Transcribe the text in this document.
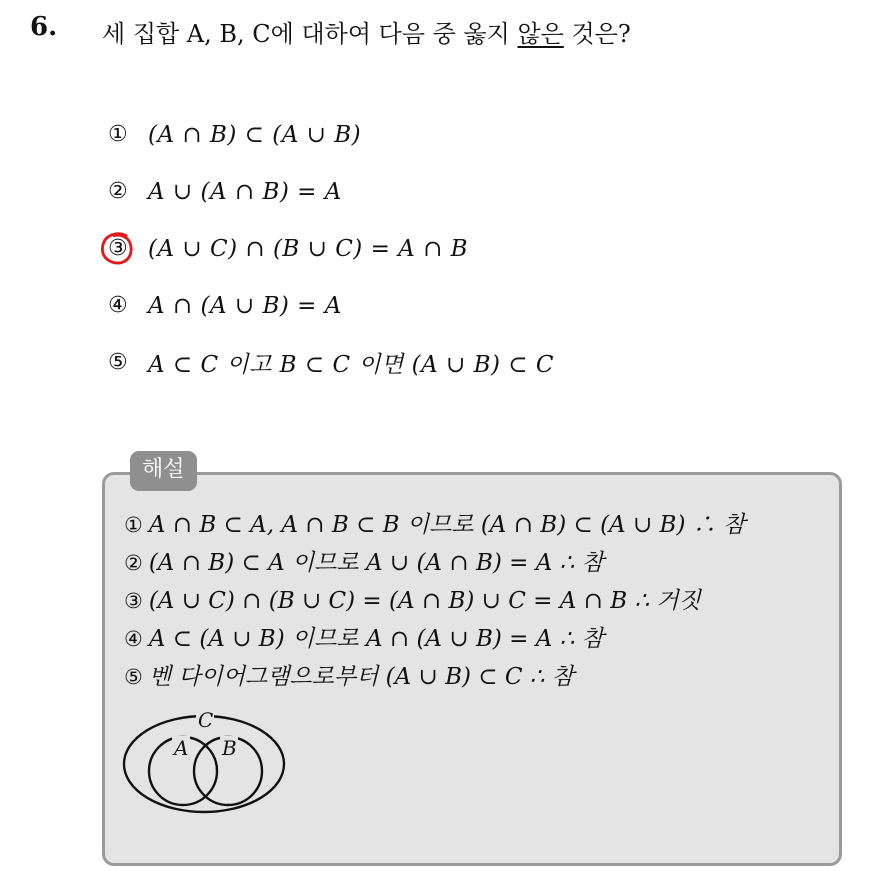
6. 세 집합 A, B, C에 대하여 다음 중 옳지 않은 것은?
① (A ∩ B) ⊂ (A ∪ B)
② A ∪ (A ∩ B) = A
③ (A ∪ C) ∩ (B ∪ C) = A ∩ B
④ A ∩ (A ∪ B) = A
⑤ A ⊂ C 이고 B ⊂ C 이면 (A ∪ B) ⊂ C
해설
① A ∩ B ⊂ A, A ∩ B ⊂ B 이므로 (A ∩ B) ⊂ (A ∪ B) ∴ 참
② (A ∩ B) ⊂ A 이므로 A ∪ (A ∩ B) = A ∴ 참
③ (A ∪ C) ∩ (B ∪ C) = (A ∩ B) ∪ C = A ∩ B ∴ 거짓
④ A ⊂ (A ∪ B) 이므로 A ∩ (A ∪ B) = A ∴ 참
⑤ 벤 다이어그램으로부터 (A ∪ B) ⊂ C ∴ 참
C
A B
